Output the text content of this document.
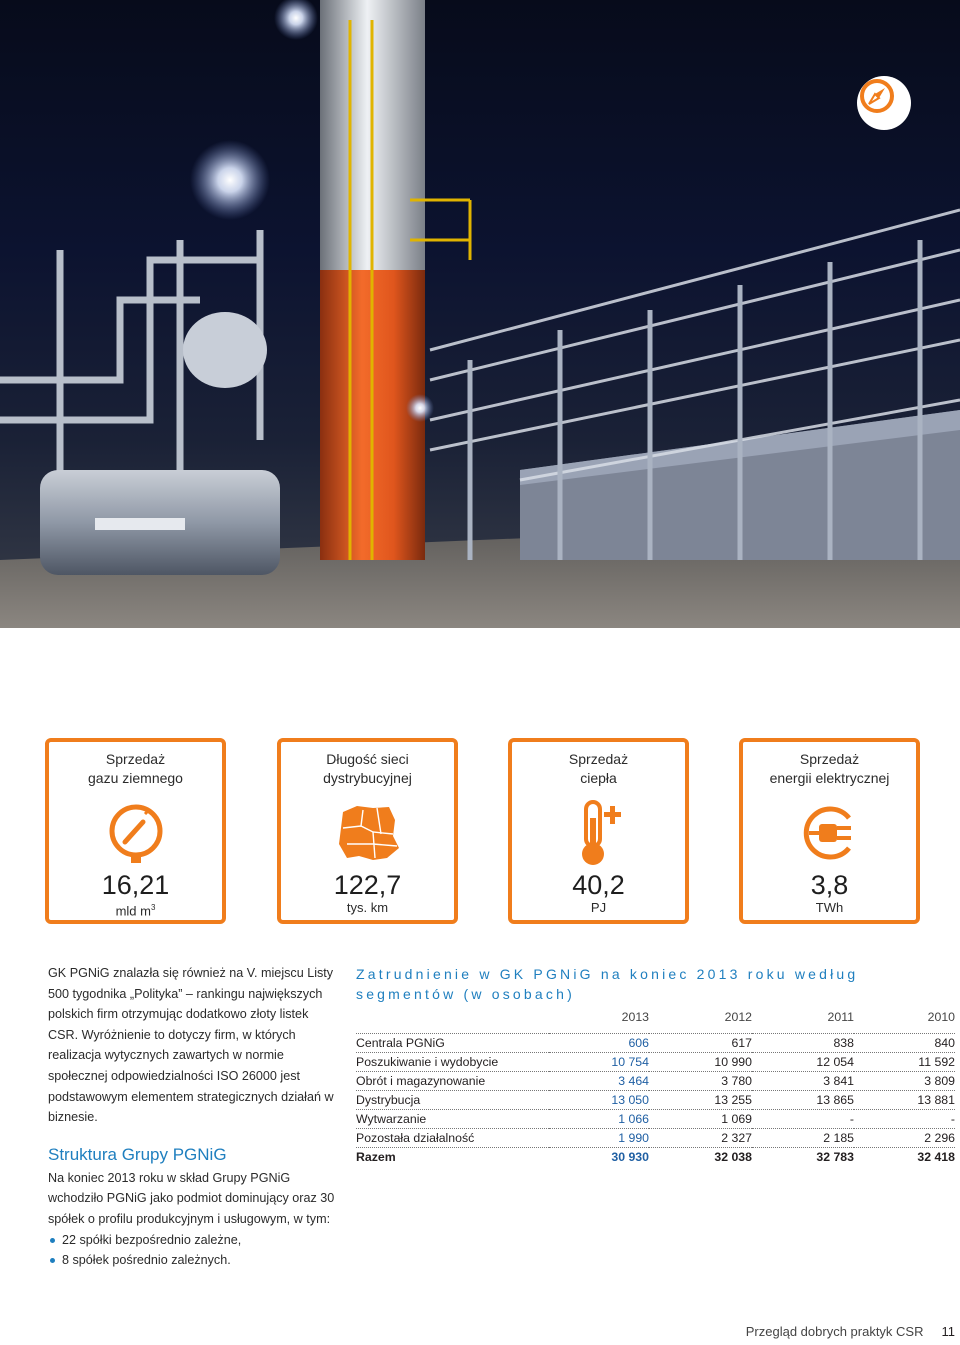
Sprzedaż
gazu ziemnego
16,21
mld $m^3$
Długość sieci
dystrybucyjnej
122,7
tys. km
Sprzedaż
ciepła
40,2
PJ
Sprzedaż
energii elektrycznej
3,8
TWh

GK PGNiG znalazła się również na V. miejscu Listy 500 tygodnika „Polityka” – rankingu największych polskich firm otrzymując dodatkowo złoty listek CSR. Wyróżnienie to dotyczy firm, w których realizacja wytycznych zawartych w normie społecznej odpowiedzialności ISO 26000 jest podstawowym elementem strategicznych działań w biznesie.

Struktura Grupy PGNiG

Na koniec 2013 roku w skład Grupy PGNiG wchodziło PGNiG jako podmiot dominujący oraz 30 spółek o profilu produkcyjnym i usługowym, w tym:

22 spółki bezpośrednio zależne,
8 spółek pośrednio zależnych.
Zatrudnienie w GK PGNiG na koniec 2013 roku według segmentów (w osobach)
	2013	2012	2011	2010

Centrala PGNiG	606	617	838	840
Poszukiwanie i wydobycie	10 754	10 990	12 054	11 592
Obrót i magazynowanie	3 464	3 780	3 841	3 809
Dystrybucja	13 050	13 255	13 865	13 881
Wytwarzanie	1 066	1 069	-	-
Pozostała działalność	1 990	2 327	2 185	2 296
Razem	30 930	32 038	32 783	32 418
Przegląd dobrych praktyk CSR 11
